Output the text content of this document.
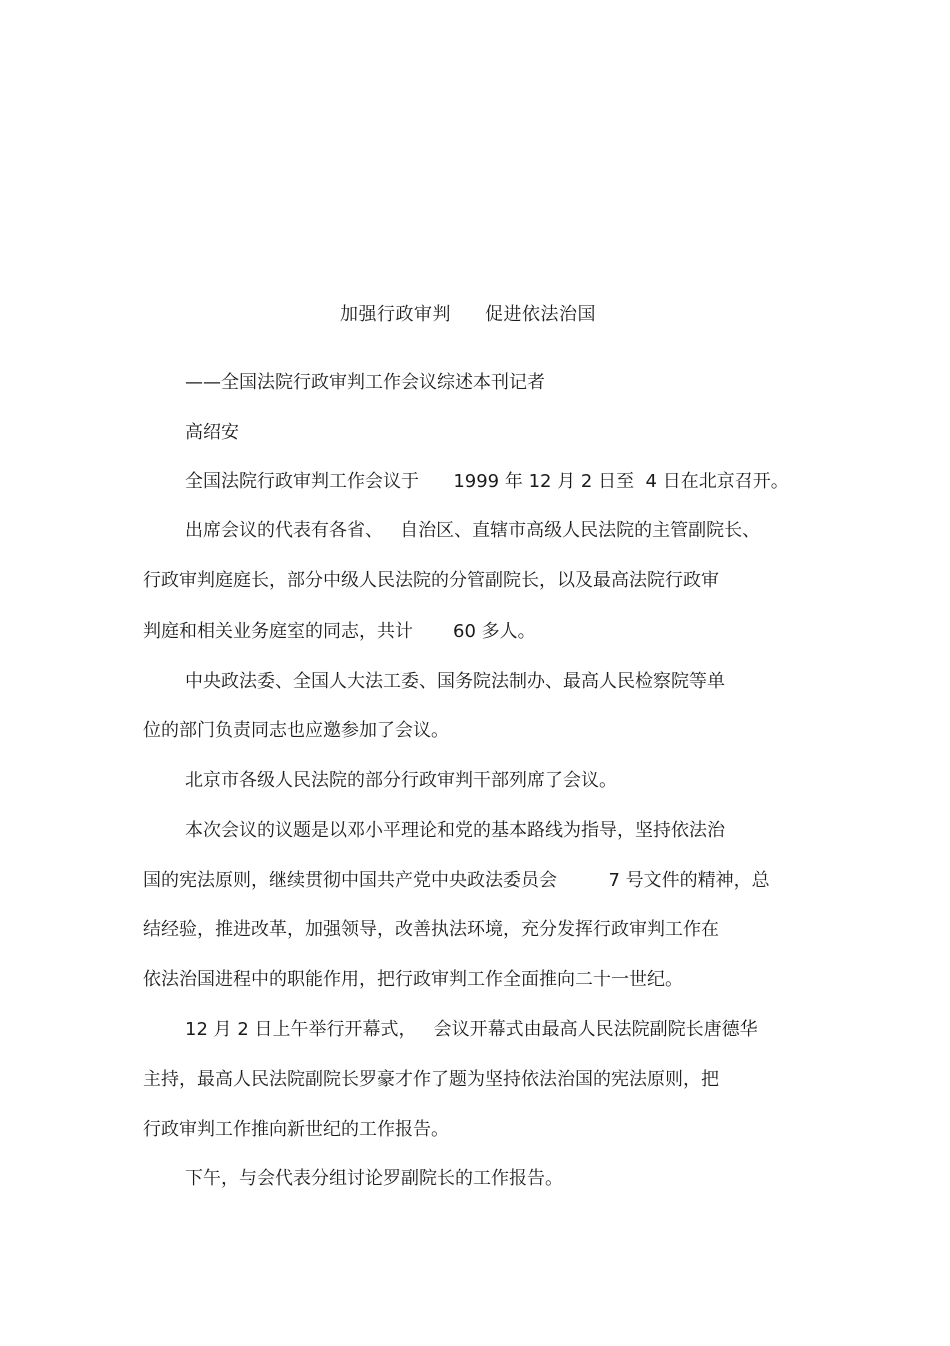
加强行政审判 促进依法治国

——全国法院行政审判工作会议综述本刊记者

高绍安

全国法院行政审判工作会议于      1999 年 12 月 2 日至  4 日在北京召开。

出席会议的代表有各省、   自治区、直辖市高级人民法院的主管副院长、

行政审判庭庭长，部分中级人民法院的分管副院长，以及最高法院行政审

判庭和相关业务庭室的同志，共计       60 多人。

中央政法委、全国人大法工委、国务院法制办、最高人民检察院等单

位的部门负责同志也应邀参加了会议。

北京市各级人民法院的部分行政审判干部列席了会议。

本次会议的议题是以邓小平理论和党的基本路线为指导，坚持依法治

国的宪法原则，继续贯彻中国共产党中央政法委员会         7 号文件的精神，总

结经验，推进改革，加强领导，改善执法环境，充分发挥行政审判工作在

依法治国进程中的职能作用，把行政审判工作全面推向二十一世纪。

12 月 2 日上午举行开幕式，   会议开幕式由最高人民法院副院长唐德华

主持，最高人民法院副院长罗豪才作了题为坚持依法治国的宪法原则，把

行政审判工作推向新世纪的工作报告。

下午，与会代表分组讨论罗副院长的工作报告。
